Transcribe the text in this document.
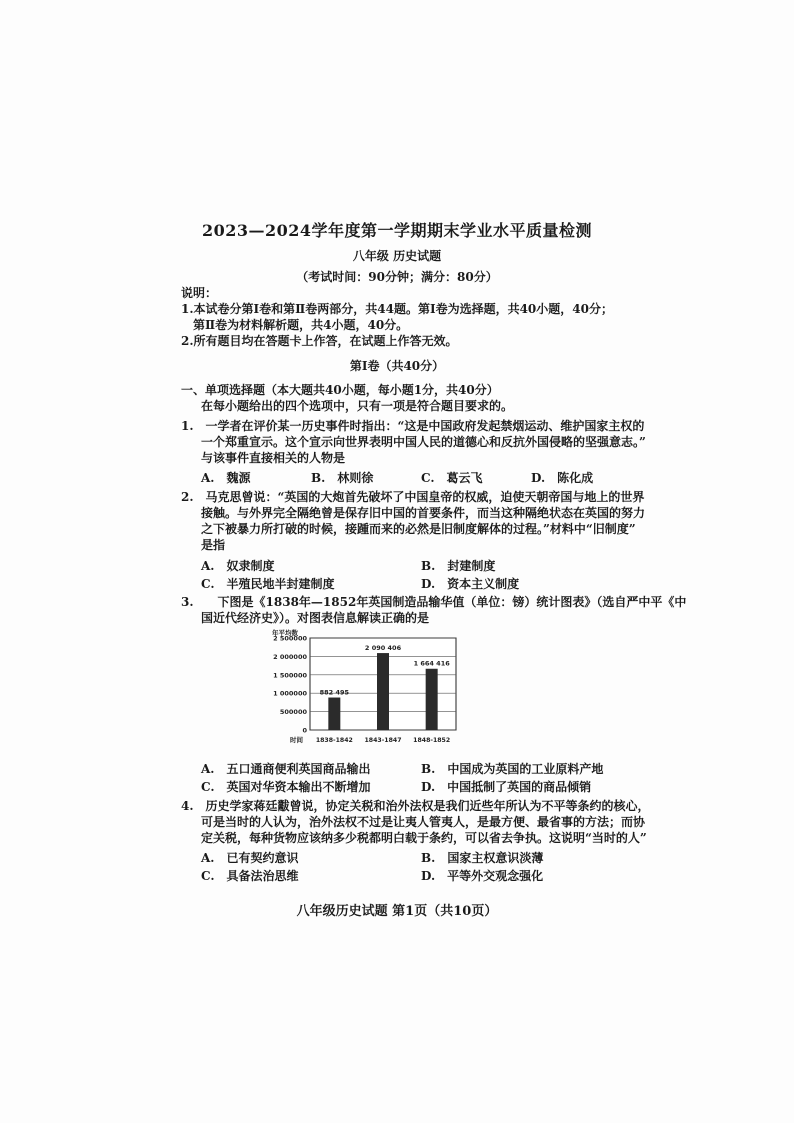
2023—2024学年度第一学期期末学业水平质量检测
八年级 历史试题
（考试时间：90分钟；满分：80分）
说明：
1.本试卷分第Ⅰ卷和第Ⅱ卷两部分，共44题。第Ⅰ卷为选择题，共40小题，40分；
第Ⅱ卷为材料解析题，共4小题，40分。
2.所有题目均在答题卡上作答，在试题上作答无效。
第Ⅰ卷（共40分）
一、单项选择题（本大题共40小题，每小题1分，共40分）
在每小题给出的四个选项中，只有一项是符合题目要求的。
1.　一学者在评价某一历史事件时指出：“这是中国政府发起禁烟运动、维护国家主权的
一个郑重宣示。这个宣示向世界表明中国人民的道德心和反抗外国侵略的坚强意志。”
与该事件直接相关的人物是
A.　魏源	B.　林则徐	C.　葛云飞	D.　陈化成
2.　马克思曾说：“英国的大炮首先破坏了中国皇帝的权威，迫使天朝帝国与地上的世界
接触。与外界完全隔绝曾是保存旧中国的首要条件，而当这种隔绝状态在英国的努力
之下被暴力所打破的时候，接踵而来的必然是旧制度解体的过程。”材料中“旧制度”
是指
A.　奴隶制度	B.　封建制度
C.　半殖民地半封建制度	D.　资本主义制度
3.　　下图是《1838年—1852年英国制造品输华值（单位：镑）统计图表》（选自严中平《中
国近代经济史》）。对图表信息解读正确的是
2 500000
2 000000
1 500000
1 000000
500000
0
年平均数
882 495
1838-1842
2 090 406
1843-1847
1 664 416
1848-1852
时间
A.　五口通商便利英国商品输出	B.　中国成为英国的工业原料产地
C.　英国对华资本输出不断增加	D.　中国抵制了英国的商品倾销
4.　历史学家蒋廷黻曾说，协定关税和治外法权是我们近些年所认为不平等条约的核心，
可是当时的人认为，治外法权不过是让夷人管夷人，是最方便、最省事的方法；而协
定关税，每种货物应该纳多少税都明白载于条约，可以省去争执。这说明“当时的人”
A.　已有契约意识	B.　国家主权意识淡薄
C.　具备法治思维	D.　平等外交观念强化
八年级历史试题 第1页（共10页）
